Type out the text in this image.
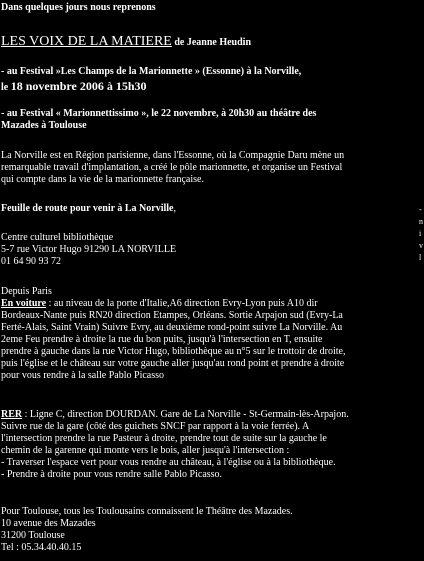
Dans quelques jours nous reprenons

LES VOIX DE LA MATIERE de Jeanne Heudin

- au Festival »Les Champs de la Marionnette » (Essonne) à la Norville,
le 18 novembre 2006 à 15h30

- au Festival « Marionnettissimo », le 22 novembre, à 20h30 au théâtre des
Mazades à Toulouse

La Norville est en Région parisienne, dans l'Essonne, où la Compagnie Daru mène un
remarquable travail d'implantation, a créé le pôle marionnette, et organise un Festival
qui compte dans la vie de la marionnette française.

Feuille de route pour venir à La Norville,

Centre culturel bibliothèque
5-7 rue Victor Hugo 91290 LA NORVILLE
01 64 90 93 72

Depuis Paris
En voiture : au niveau de la porte d'Italie,A6 direction Evry-Lyon puis A10 dir
Bordeaux-Nante puis RN20 direction Etampes, Orléans. Sortie Arpajon sud (Evry-La
Ferté-Alais, Saint Vrain) Suivre Evry, au deuxième rond-point suivre La Norville. Au
2eme Feu prendre à droite la rue du bon puits, jusqu'à l'intersection en T, ensuite
prendre à gauche dans la rue Victor Hugo, bibliothèque au n°5 sur le trottoir de droite,
puis l'église et le château sur votre gauche aller jusqu'au rond point et prendre à droite
pour vous rendre à la salle Pablo Picasso

RER : Ligne C, direction DOURDAN. Gare de La Norville - St-Germain-lès-Arpajon.
Suivre rue de la gare (côté des guichets SNCF par rapport à la voie ferrée). A
l'intersection prendre la rue Pasteur à droite, prendre tout de suite sur la gauche le
chemin de la garenne qui monte vers le bois, aller jusqu'à l'intersection :
- Traverser l'espace vert pour vous rendre au château, à l'église ou à la bibliothèque.
- Prendre à droite pour vous rendre salle Pablo Picasso.

Pour Toulouse, tous les Toulousains connaissent le Théâtre des Mazades.
10 avenue des Mazades
31200 Toulouse
Tel : 05.34.40.40.15

-
n
i
v
l
